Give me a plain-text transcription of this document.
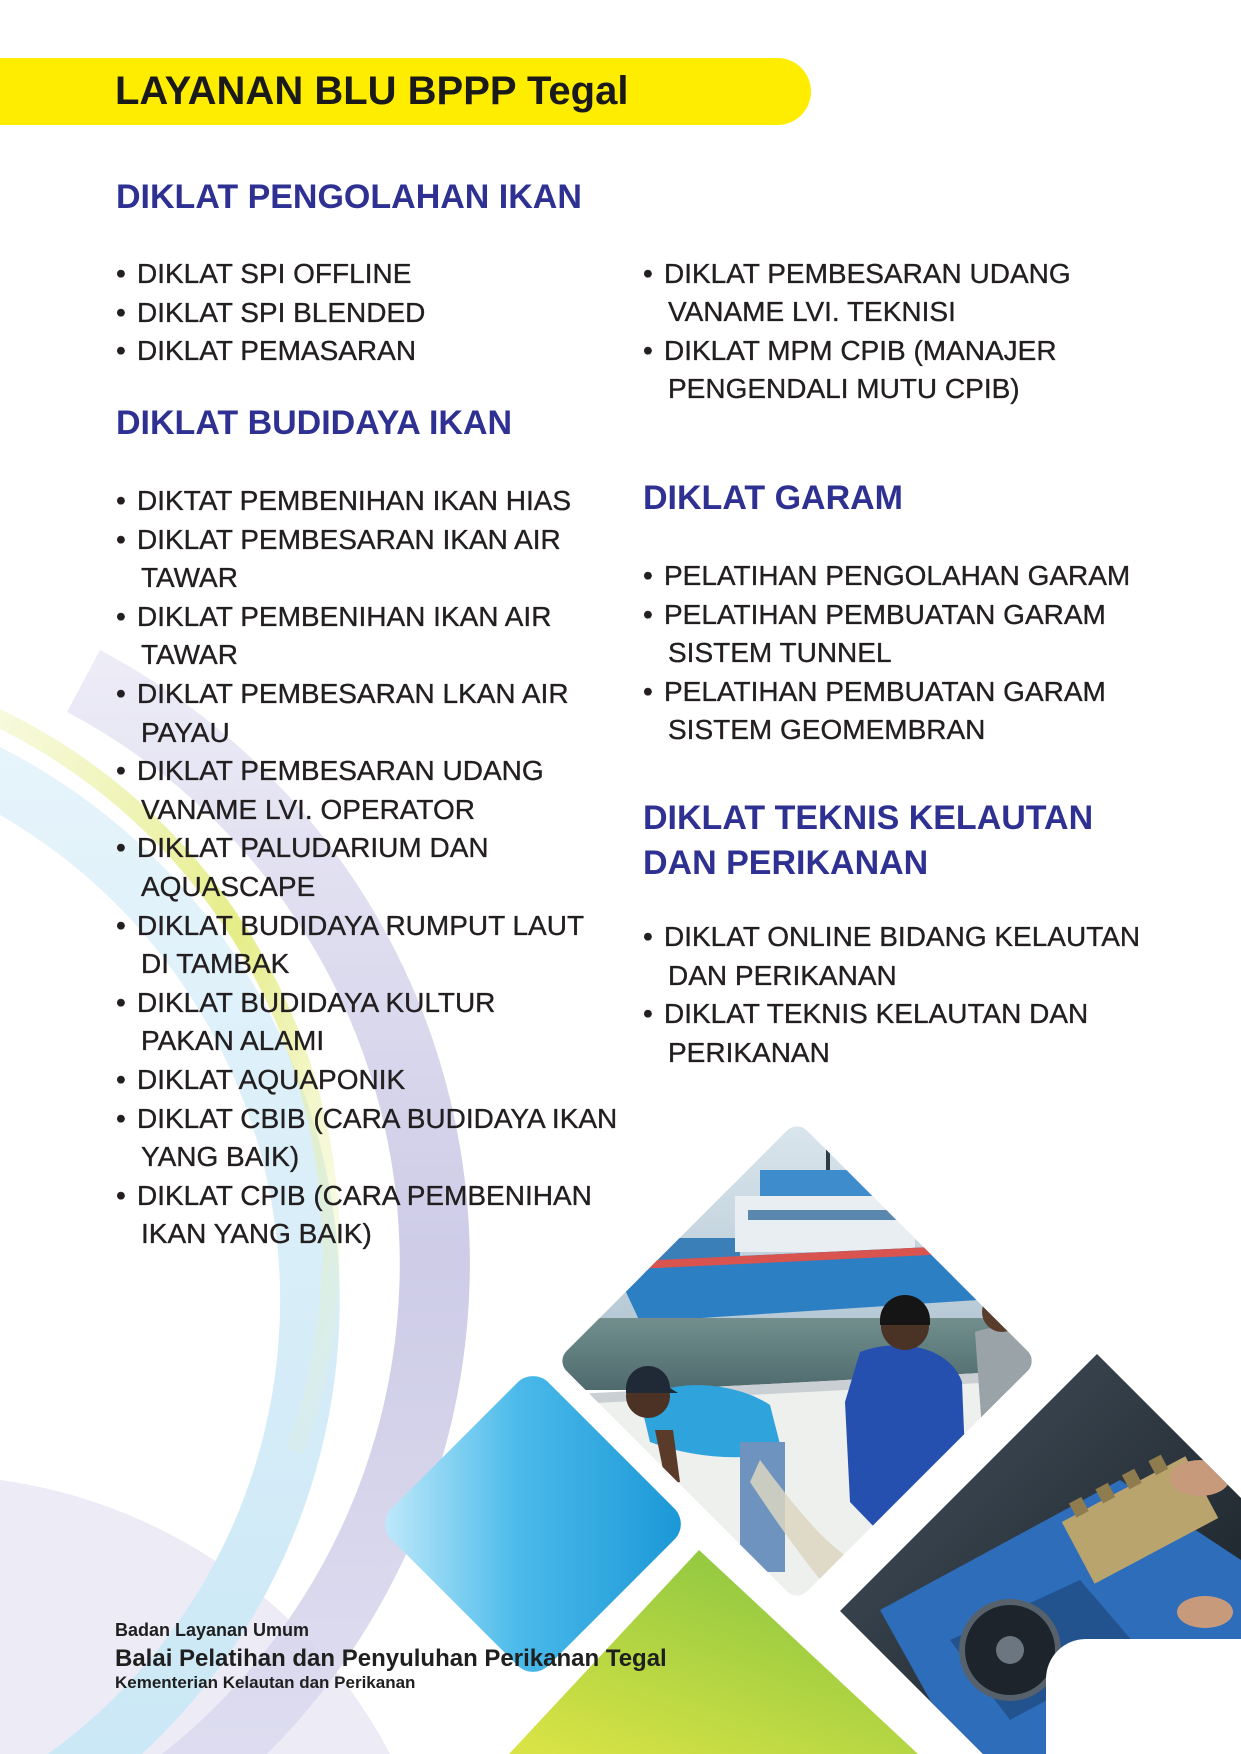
LAYANAN BLU BPPP Tegal
DIKLAT PENGOLAHAN IKAN
• DIKLAT SPI OFFLINE
• DIKLAT SPI BLENDED
• DIKLAT PEMASARAN
DIKLAT BUDIDAYA IKAN
• DIKTAT PEMBENIHAN IKAN HIAS
• DIKLAT PEMBESARAN IKAN AIR
TAWAR
• DIKLAT PEMBENIHAN IKAN AIR
TAWAR
• DIKLAT PEMBESARAN LKAN AIR
PAYAU
• DIKLAT PEMBESARAN UDANG
VANAME LVI. OPERATOR
• DIKLAT PALUDARIUM DAN
AQUASCAPE
• DIKLAT BUDIDAYA RUMPUT LAUT
DI TAMBAK
• DIKLAT BUDIDAYA KULTUR
PAKAN ALAMI
• DIKLAT AQUAPONIK
• DIKLAT CBIB (CARA BUDIDAYA IKAN
YANG BAIK)
• DIKLAT CPIB (CARA PEMBENIHAN
IKAN YANG BAIK)
• DIKLAT PEMBESARAN UDANG
VANAME LVI. TEKNISI
• DIKLAT MPM CPIB (MANAJER
PENGENDALI MUTU CPIB)
DIKLAT GARAM
• PELATIHAN PENGOLAHAN GARAM
• PELATIHAN PEMBUATAN GARAM
SISTEM TUNNEL
• PELATIHAN PEMBUATAN GARAM
SISTEM GEOMEMBRAN
DIKLAT TEKNIS KELAUTAN
DAN PERIKANAN
• DIKLAT ONLINE BIDANG KELAUTAN
DAN PERIKANAN
• DIKLAT TEKNIS KELAUTAN DAN
PERIKANAN
Badan Layanan Umum
Balai Pelatihan dan Penyuluhan Perikanan Tegal
Kementerian Kelautan dan Perikanan
